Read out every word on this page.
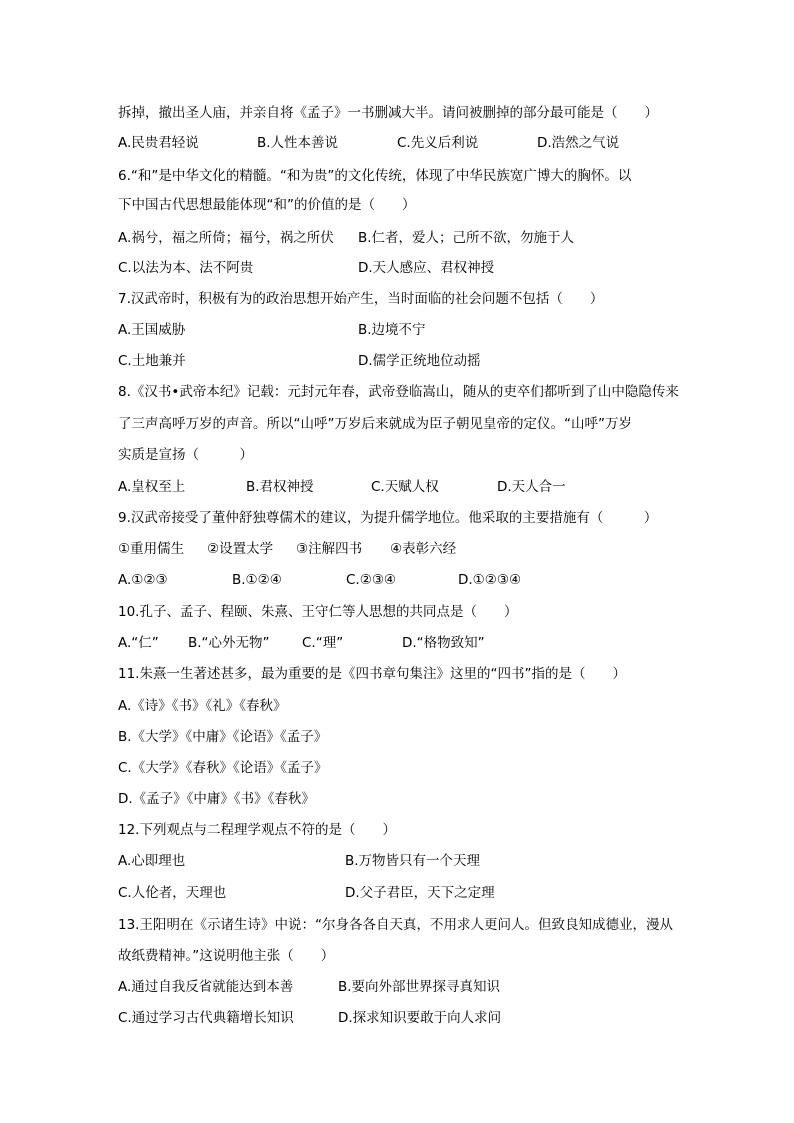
拆掉，撤出圣人庙，并亲自将《孟子》一书删减大半。请问被删掉的部分最可能是（　　）
A.民贵君轻说	B.人性本善说	C.先义后利说	D.浩然之气说
6.“和”是中华文化的精髓。“和为贵”的文化传统，体现了中华民族宽广博大的胸怀。以
下中国古代思想最能体现“和”的价值的是（　　）
A.祸兮，福之所倚；福兮，祸之所伏 B.仁者，爱人；己所不欲，勿施于人
C.以法为本、法不阿贵	D.天人感应、君权神授
7.汉武帝时，积极有为的政治思想开始产生，当时面临的社会问题不包括（　　）
A.王国威胁	B.边境不宁
C.土地兼并	D.儒学正统地位动摇
8.《汉书•武帝本纪》记载：元封元年春，武帝登临嵩山，随从的吏卒们都听到了山中隐隐传来
了三声高呼万岁的声音。所以“山呼”万岁后来就成为臣子朝见皇帝的定仪。“山呼”万岁
实质是宣扬（　　　）
A.皇权至上	B.君权神授	C.天赋人权	D.天人合一
9.汉武帝接受了董仲舒独尊儒术的建议，为提升儒学地位。他采取的主要措施有（　　　）
①重用儒生 ②设置太学 ③注解四书 ④表彰六经
A.①②③	B.①②④	C.②③④	D.①②③④
10.孔子、孟子、程颐、朱熹、王守仁等人思想的共同点是（　　）
A.“仁” B.“心外无物” C.“理”	D.“格物致知”
11.朱熹一生著述甚多，最为重要的是《四书章句集注》这里的“四书”指的是（　　）
A.《诗》《书》《礼》《春秋》
B.《大学》《中庸》《论语》《孟子》
C.《大学》《春秋》《论语》《孟子》
D.《孟子》《中庸》《书》《春秋》
12.下列观点与二程理学观点不符的是（　　）
A.心即理也	B.万物皆只有一个天理
C.人伦者，天理也	D.父子君臣，天下之定理
13.王阳明在《示诸生诗》中说：“尔身各各自天真，不用求人更问人。但致良知成德业，漫从
故纸费精神。”这说明他主张（　　）
A.通过自我反省就能达到本善	B.要向外部世界探寻真知识
C.通过学习古代典籍增长知识	D.探求知识要敢于向人求问
